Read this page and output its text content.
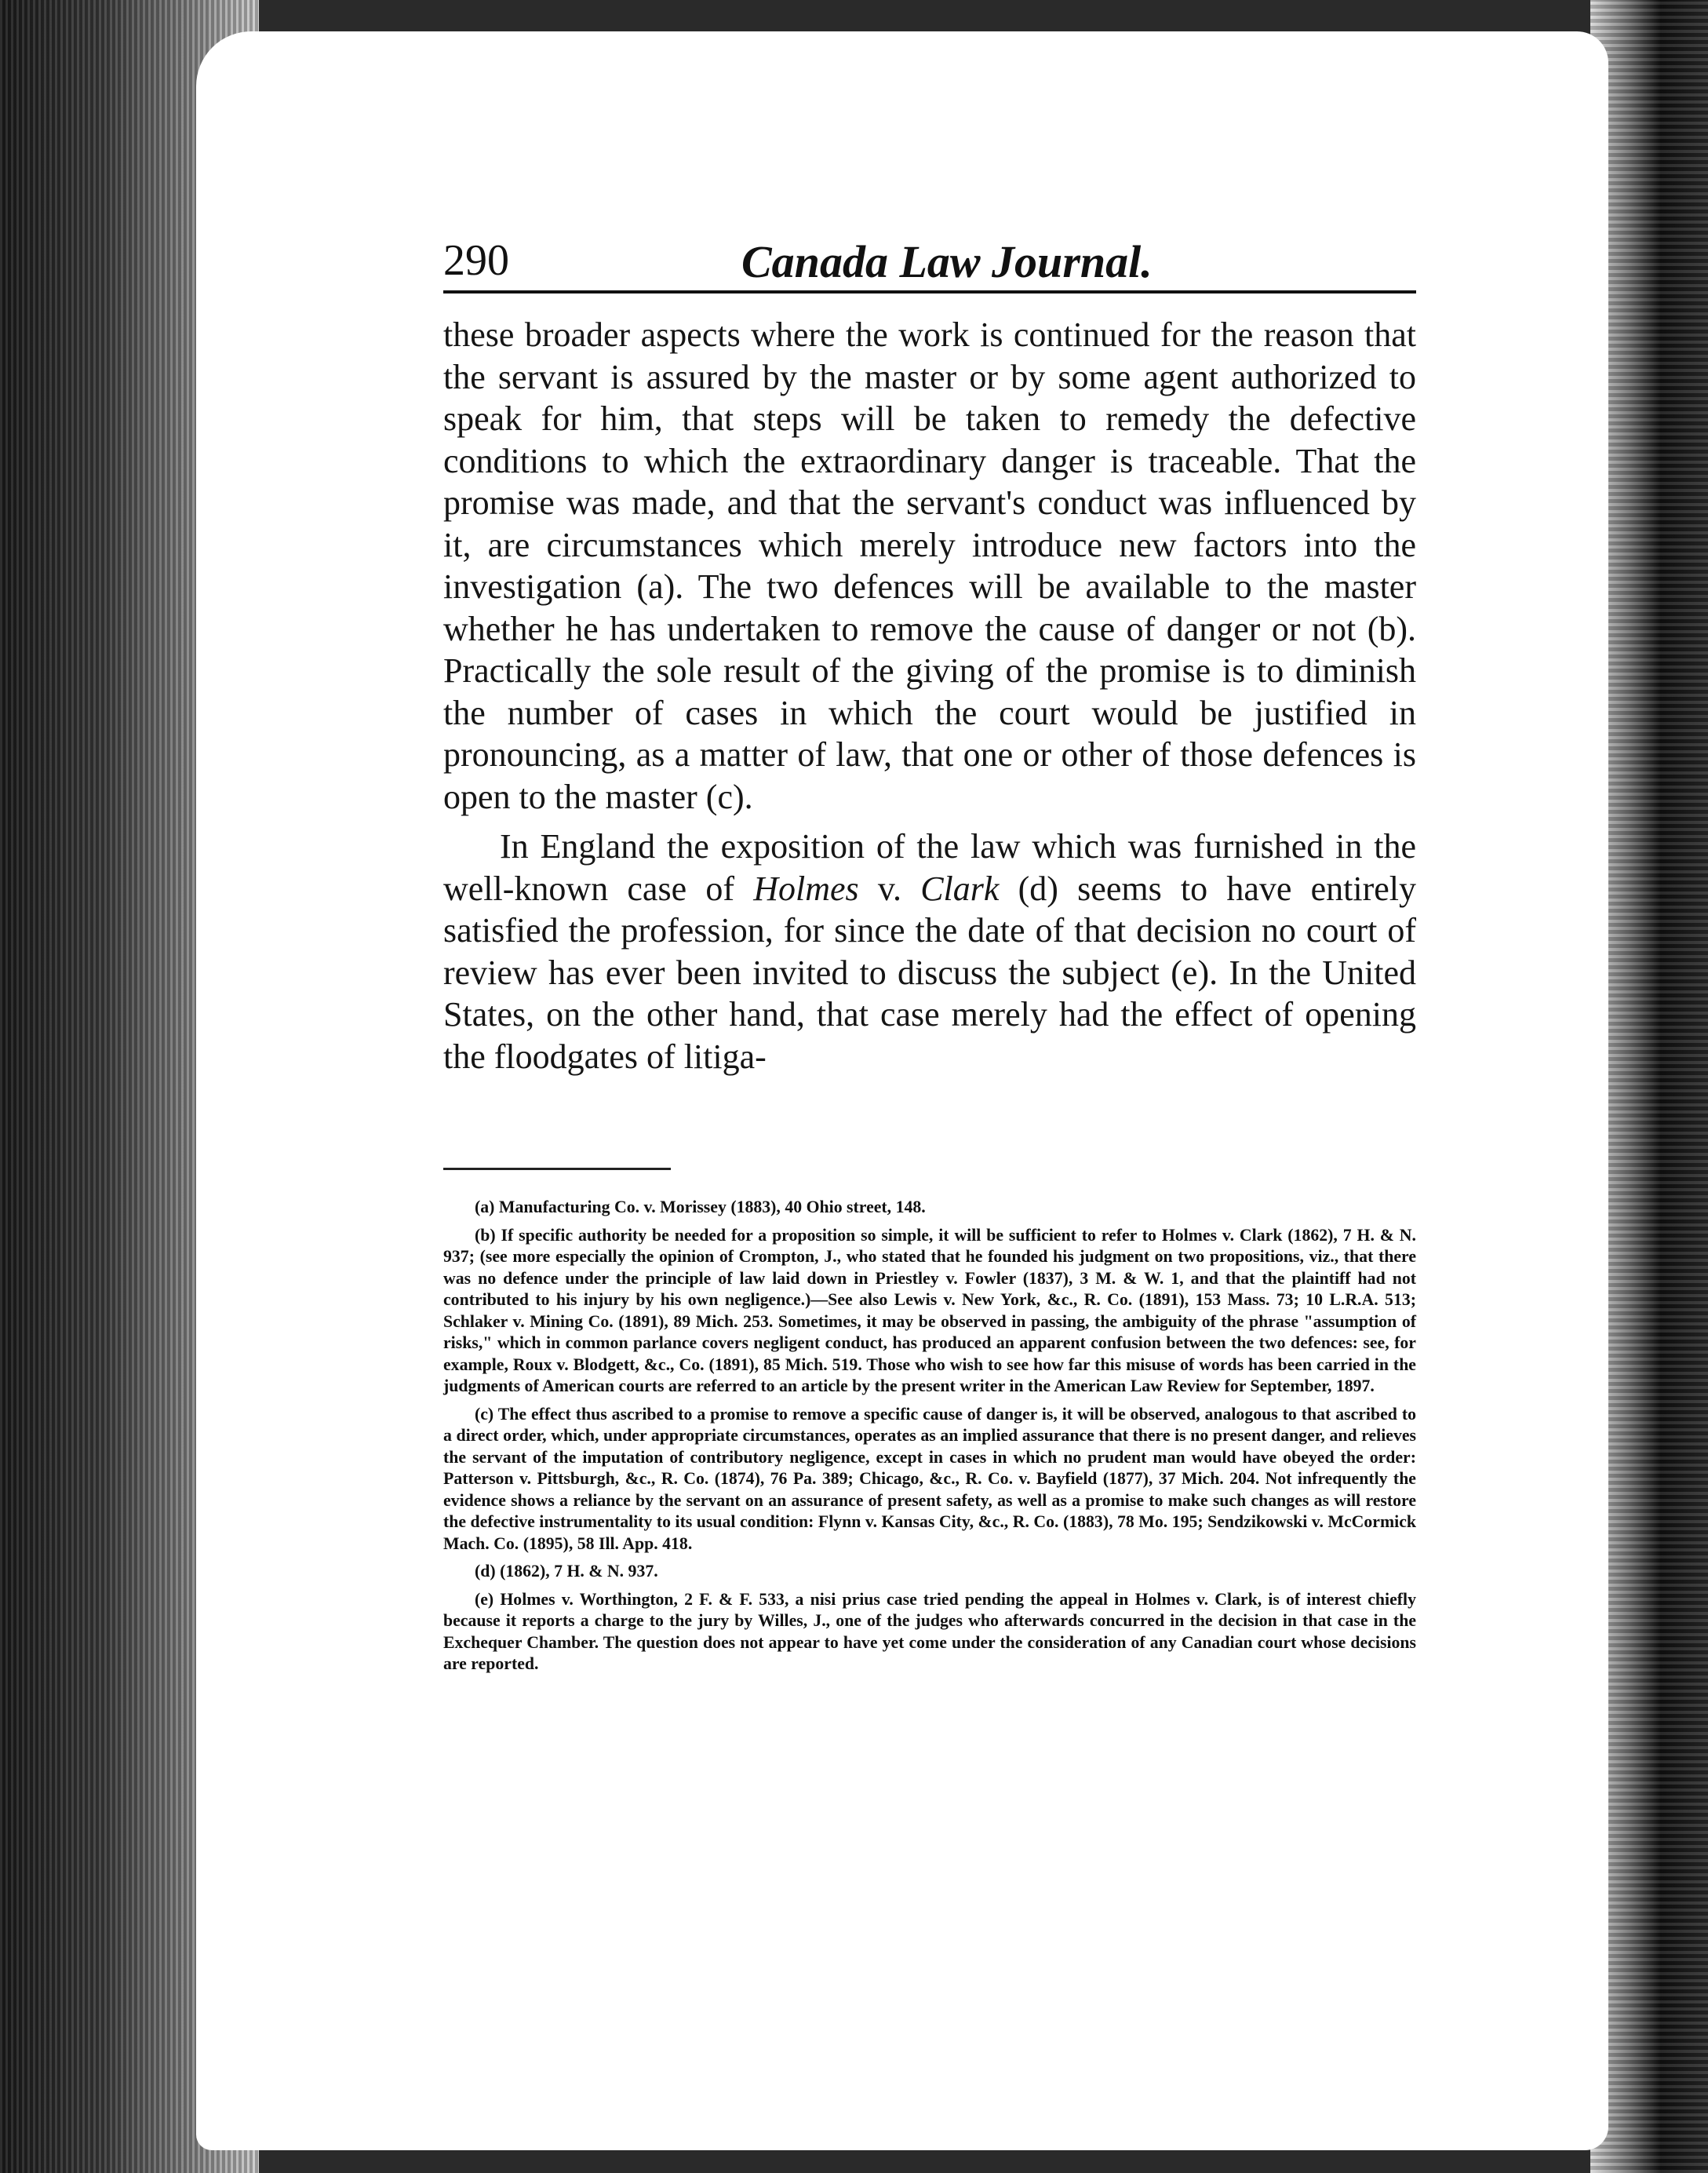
290	Canada Law Journal.

these broader aspects where the work is continued for the reason that the servant is assured by the master or by some agent authorized to speak for him, that steps will be taken to remedy the defective conditions to which the extraordinary danger is traceable. That the promise was made, and that the servant's conduct was influenced by it, are circumstances which merely introduce new factors into the investigation (a). The two defences will be available to the master whether he has undertaken to remove the cause of danger or not (b). Practically the sole result of the giving of the promise is to diminish the number of cases in which the court would be justified in pronouncing, as a matter of law, that one or other of those defences is open to the master (c).

In England the exposition of the law which was furnished in the well-known case of Holmes v. Clark (d) seems to have entirely satisfied the profession, for since the date of that decision no court of review has ever been invited to discuss the subject (e). In the United States, on the other hand, that case merely had the effect of opening the floodgates of litiga-

(a) Manufacturing Co. v. Morissey (1883), 40 Ohio street, 148.

(b) If specific authority be needed for a proposition so simple, it will be sufficient to refer to Holmes v. Clark (1862), 7 H. & N. 937; (see more especially the opinion of Crompton, J., who stated that he founded his judgment on two propositions, viz., that there was no defence under the principle of law laid down in Priestley v. Fowler (1837), 3 M. & W. 1, and that the plaintiff had not contributed to his injury by his own negligence.)—See also Lewis v. New York, &c., R. Co. (1891), 153 Mass. 73; 10 L.R.A. 513; Schlaker v. Mining Co. (1891), 89 Mich. 253. Sometimes, it may be observed in passing, the ambiguity of the phrase "assumption of risks," which in common parlance covers negligent conduct, has produced an apparent confusion between the two defences: see, for example, Roux v. Blodgett, &c., Co. (1891), 85 Mich. 519. Those who wish to see how far this misuse of words has been carried in the judgments of American courts are referred to an article by the present writer in the American Law Review for September, 1897.

(c) The effect thus ascribed to a promise to remove a specific cause of danger is, it will be observed, analogous to that ascribed to a direct order, which, under appropriate circumstances, operates as an implied assurance that there is no present danger, and relieves the servant of the imputation of contributory negligence, except in cases in which no prudent man would have obeyed the order: Patterson v. Pittsburgh, &c., R. Co. (1874), 76 Pa. 389; Chicago, &c., R. Co. v. Bayfield (1877), 37 Mich. 204. Not infrequently the evidence shows a reliance by the servant on an assurance of present safety, as well as a promise to make such changes as will restore the defective instrumentality to its usual condition: Flynn v. Kansas City, &c., R. Co. (1883), 78 Mo. 195; Sendzikowski v. McCormick Mach. Co. (1895), 58 Ill. App. 418.

(d) (1862), 7 H. & N. 937.

(e) Holmes v. Worthington, 2 F. & F. 533, a nisi prius case tried pending the appeal in Holmes v. Clark, is of interest chiefly because it reports a charge to the jury by Willes, J., one of the judges who afterwards concurred in the decision in that case in the Exchequer Chamber. The question does not appear to have yet come under the consideration of any Canadian court whose decisions are reported.
